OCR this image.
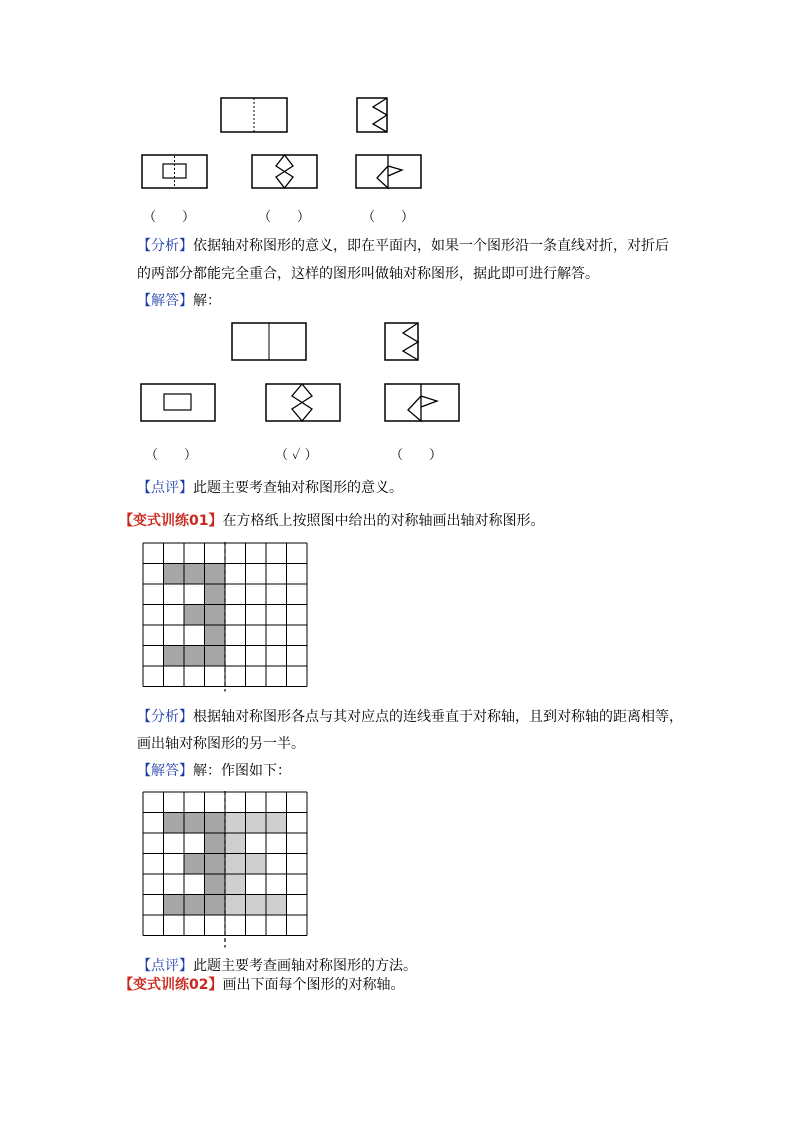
（　　）	（　　）	（　　）
【分析】依据轴对称图形的意义，即在平面内，如果一个图形沿一条直线对折，对折后
的两部分都能完全重合，这样的图形叫做轴对称图形，据此即可进行解答。
【解答】解：
（　　）	（ ✓ ）	（　　）
【点评】此题主要考查轴对称图形的意义。
【变式训练01】在方格纸上按照图中给出的对称轴画出轴对称图形。
【分析】根据轴对称图形各点与其对应点的连线垂直于对称轴，且到对称轴的距离相等，
画出轴对称图形的另一半。
【解答】解：作图如下：
【点评】此题主要考查画轴对称图形的方法。
【变式训练02】画出下面每个图形的对称轴。
